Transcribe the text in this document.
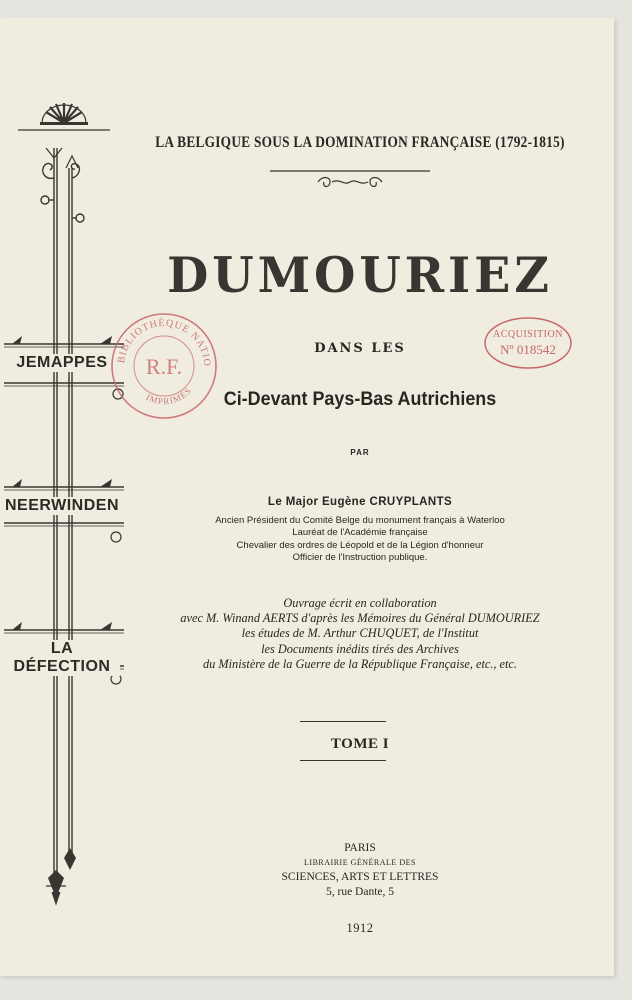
JEMAPPES
NEERWINDEN
LA DÉFECTION
LA BELGIQUE SOUS LA DOMINATION FRANÇAISE (1792-1815)
DUMOURIEZ
DANS LES
Ci-Devant Pays-Bas Autrichiens
PAR
Le Major Eugène CRUYPLANTS
Ancien Président du Comité Belge du monument français à Waterloo
Lauréat de l'Académie française
Chevalier des ordres de Léopold et de la Légion d'honneur
Officier de l'Instruction publique.
Ouvrage écrit en collaboration
avec M. Winand AERTS d'après les Mémoires du Général DUMOURIEZ
les études de M. Arthur CHUQUET, de l'Institut
les Documents inédits tirés des Archives
du Ministère de la Guerre de la République Française, etc., etc.
TOME I
PARIS
LIBRAIRIE GÉNÉRALE DES
SCIENCES, ARTS ET LETTRES
5, rue Dante, 5
1912
BIBLIOTHÈQUE NATIO
IMPRIMÉS
R.F.
ACQUISITION
Nº 018542
